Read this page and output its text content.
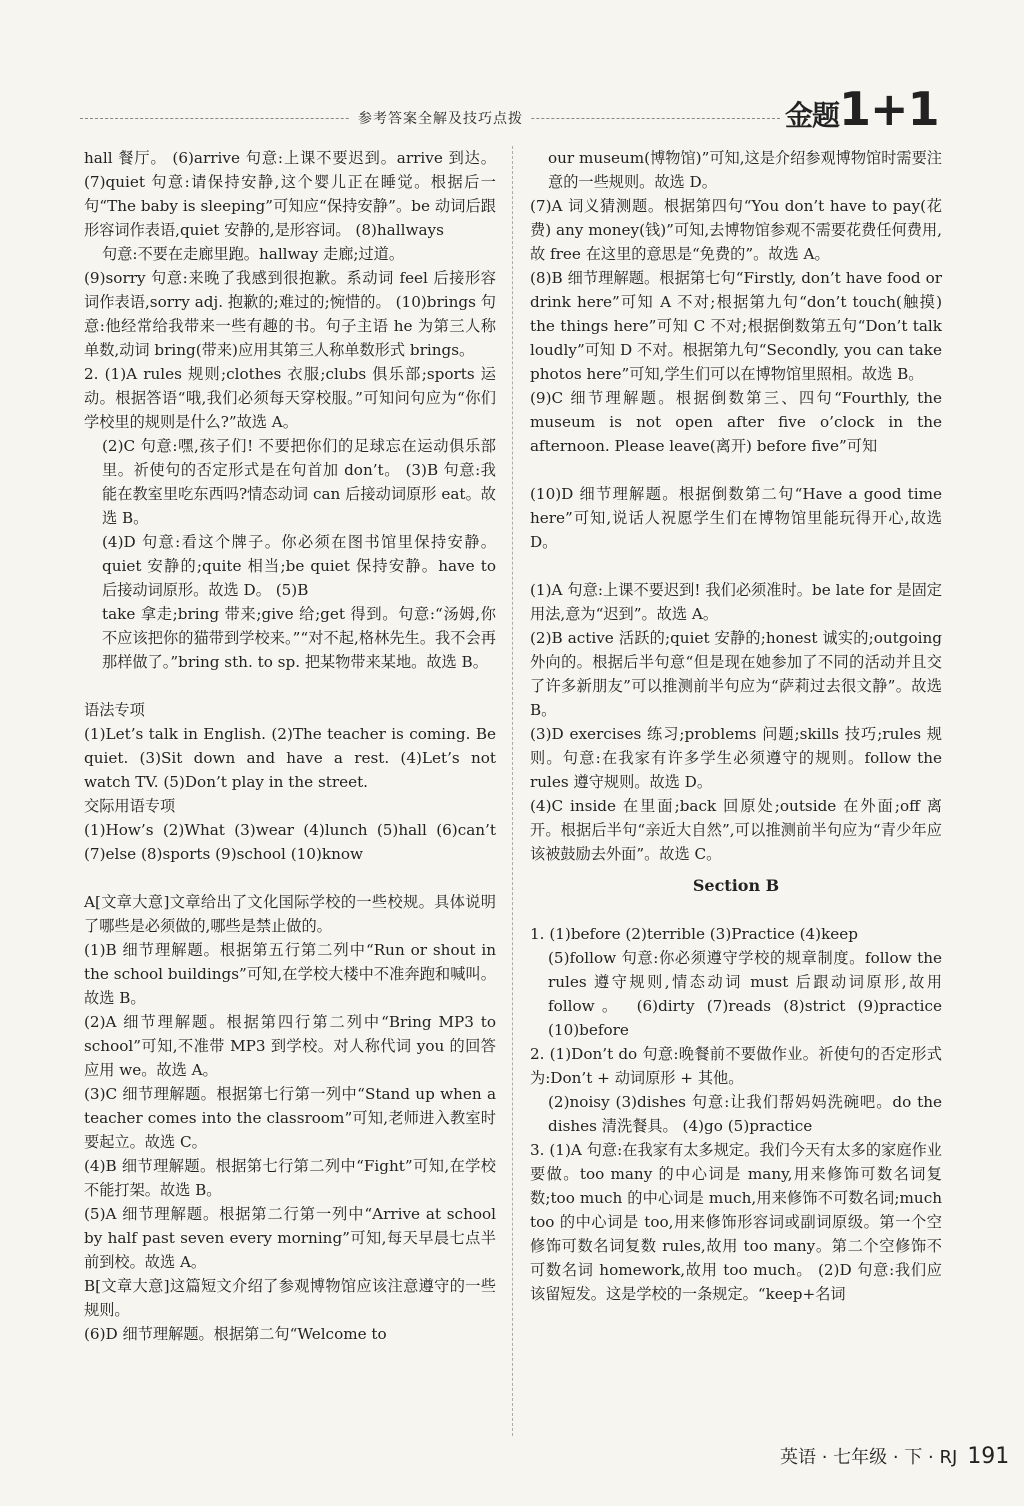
参考答案全解及技巧点拨	金题1+1

hall 餐厅。 (6)arrive 句意:上课不要迟到。arrive 到达。 (7)quiet 句意:请保持安静,这个婴儿正在睡觉。根据后一句“The baby is sleeping”可知应“保持安静”。be 动词后跟形容词作表语,quiet 安静的,是形容词。 (8)hallways

句意:不要在走廊里跑。hallway 走廊;过道。

(9)sorry 句意:来晚了我感到很抱歉。系动词 feel 后接形容词作表语,sorry adj. 抱歉的;难过的;惋惜的。 (10)brings 句意:他经常给我带来一些有趣的书。句子主语 he 为第三人称单数,动词 bring(带来)应用其第三人称单数形式 brings。

2. (1)A rules 规则;clothes 衣服;clubs 俱乐部;sports 运动。根据答语“哦,我们必须每天穿校服。”可知问句应为“你们学校里的规则是什么?”故选 A。

(2)C 句意:嘿,孩子们! 不要把你们的足球忘在运动俱乐部里。祈使句的否定形式是在句首加 don’t。 (3)B 句意:我能在教室里吃东西吗?情态动词 can 后接动词原形 eat。故选 B。

(4)D 句意:看这个牌子。你必须在图书馆里保持安静。quiet 安静的;quite 相当;be quiet 保持安静。have to 后接动词原形。故选 D。 (5)B

take 拿走;bring 带来;give 给;get 得到。句意:“汤姆,你不应该把你的猫带到学校来。”“对不起,格林先生。我不会再那样做了。”bring sth. to sp. 把某物带来某地。故选 B。

语法专项

(1)Let’s talk in English. (2)The teacher is coming. Be quiet. (3)Sit down and have a rest. (4)Let’s not watch TV. (5)Don’t play in the street.

交际用语专项

(1)How’s (2)What (3)wear (4)lunch (5)hall (6)can’t (7)else (8)sports (9)school (10)know

A[文章大意]文章给出了文化国际学校的一些校规。具体说明了哪些是必须做的,哪些是禁止做的。

(1)B 细节理解题。根据第五行第二列中“Run or shout in the school buildings”可知,在学校大楼中不准奔跑和喊叫。故选 B。

(2)A 细节理解题。根据第四行第二列中“Bring MP3 to school”可知,不准带 MP3 到学校。对人称代词 you 的回答应用 we。故选 A。

(3)C 细节理解题。根据第七行第一列中“Stand up when a teacher comes into the classroom”可知,老师进入教室时要起立。故选 C。

(4)B 细节理解题。根据第七行第二列中“Fight”可知,在学校不能打架。故选 B。

(5)A 细节理解题。根据第二行第一列中“Arrive at school by half past seven every morning”可知,每天早晨七点半前到校。故选 A。

B[文章大意]这篇短文介绍了参观博物馆应该注意遵守的一些规则。

(6)D 细节理解题。根据第二句“Welcome to

our museum(博物馆)”可知,这是介绍参观博物馆时需要注意的一些规则。故选 D。

(7)A 词义猜测题。根据第四句“You don’t have to pay(花费) any money(钱)”可知,去博物馆参观不需要花费任何费用,故 free 在这里的意思是“免费的”。故选 A。

(8)B 细节理解题。根据第七句“Firstly, don’t have food or drink here”可知 A 不对;根据第九句“don’t touch(触摸) the things here”可知 C 不对;根据倒数第五句“Don’t talk loudly”可知 D 不对。根据第九句“Secondly, you can take photos here”可知,学生们可以在博物馆里照相。故选 B。

(9)C 细节理解题。根据倒数第三、四句“Fourthly, the museum is not open after five o’clock in the afternoon. Please leave(离开) before five”可知

(10)D 细节理解题。根据倒数第二句“Have a good time here”可知,说话人祝愿学生们在博物馆里能玩得开心,故选 D。

(1)A 句意:上课不要迟到! 我们必须准时。be late for 是固定用法,意为“迟到”。故选 A。

(2)B active 活跃的;quiet 安静的;honest 诚实的;outgoing 外向的。根据后半句意“但是现在她参加了不同的活动并且交了许多新朋友”可以推测前半句应为“萨莉过去很文静”。故选 B。

(3)D exercises 练习;problems 问题;skills 技巧;rules 规则。句意:在我家有许多学生必须遵守的规则。follow the rules 遵守规则。故选 D。

(4)C inside 在里面;back 回原处;outside 在外面;off 离开。根据后半句“亲近大自然”,可以推测前半句应为“青少年应该被鼓励去外面”。故选 C。

Section B

1. (1)before (2)terrible (3)Practice (4)keep

(5)follow 句意:你必须遵守学校的规章制度。follow the rules 遵守规则,情态动词 must 后跟动词原形,故用 follow。 (6)dirty (7)reads (8)strict (9)practice (10)before

2. (1)Don’t do 句意:晚餐前不要做作业。祈使句的否定形式为:Don’t + 动词原形 + 其他。

(2)noisy (3)dishes 句意:让我们帮妈妈洗碗吧。do the dishes 清洗餐具。 (4)go (5)practice

3. (1)A 句意:在我家有太多规定。我们今天有太多的家庭作业要做。too many 的中心词是 many,用来修饰可数名词复数;too much 的中心词是 much,用来修饰不可数名词;much too 的中心词是 too,用来修饰形容词或副词原级。第一个空修饰可数名词复数 rules,故用 too many。第二个空修饰不可数名词 homework,故用 too much。 (2)D 句意:我们应该留短发。这是学校的一条规定。“keep+名词

英语 · 七年级 · 下 · RJ 191
